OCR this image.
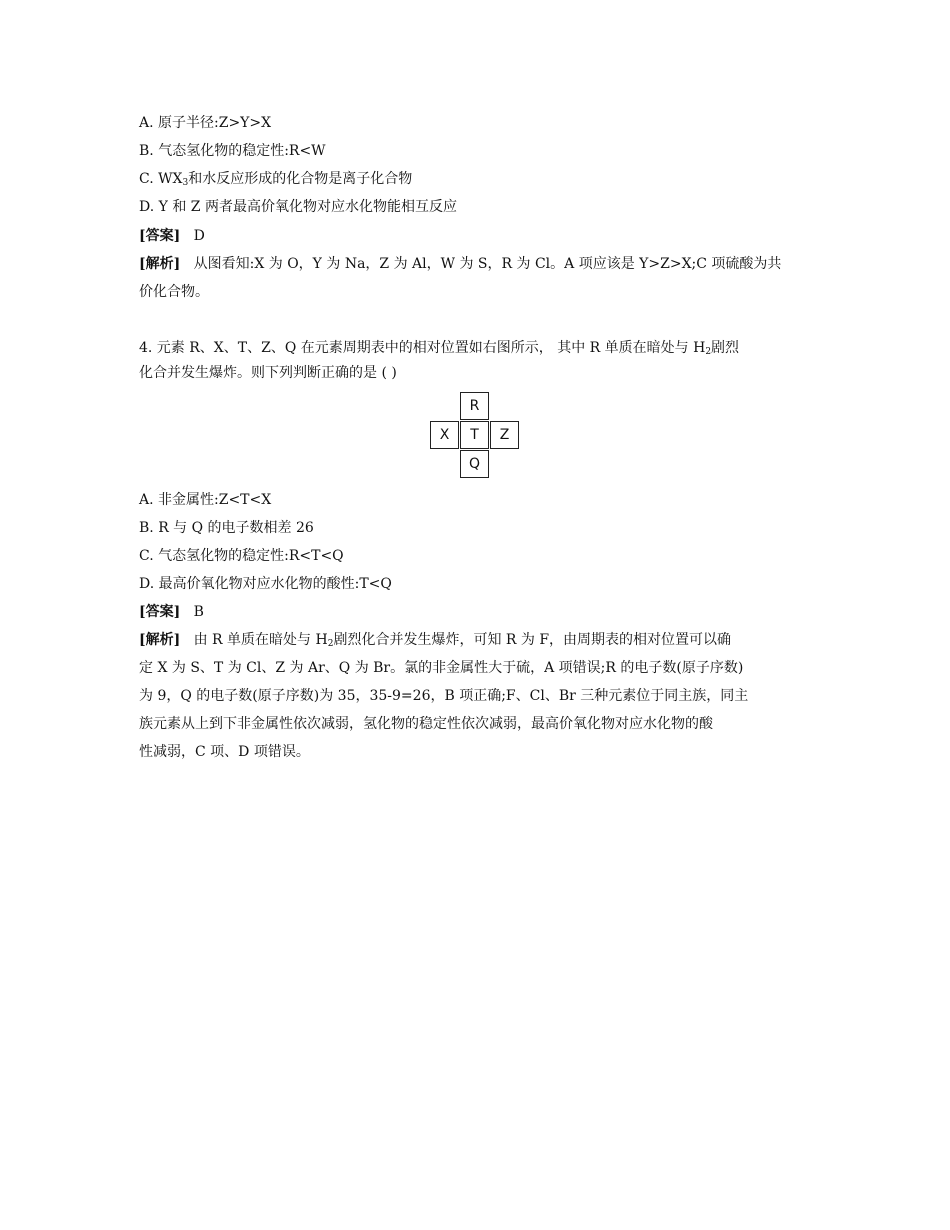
A. 原子半径:Z>Y>X
B. 气态氢化物的稳定性:R<W
C. $WX_3$和水反应形成的化合物是离子化合物
D. Y 和 Z 两者最高价氧化物对应水化物能相互反应
[答案] D
[解析] 从图看知:X 为 O，Y 为 Na，Z 为 Al，W 为 S，R 为 Cl。A 项应该是 Y>Z>X;C 项硫酸为共
价化合物。
4. 元素 R、X、T、Z、Q 在元素周期表中的相对位置如右图所示， 其中 R 单质在暗处与 $H_2$剧烈
化合并发生爆炸。则下列判断正确的是 ( )
R
X	T	Z
Q
A. 非金属性:Z<T<X
B. R 与 Q 的电子数相差 26
C. 气态氢化物的稳定性:R<T<Q
D. 最高价氧化物对应水化物的酸性:T<Q
[答案] B
[解析] 由 R 单质在暗处与 $H_2$剧烈化合并发生爆炸，可知 R 为 F，由周期表的相对位置可以确
定 X 为 S、T 为 Cl、Z 为 Ar、Q 为 Br。氯的非金属性大于硫，A 项错误;R 的电子数(原子序数)
为 9，Q 的电子数(原子序数)为 35，35-9=26，B 项正确;F、Cl、Br 三种元素位于同主族，同主
族元素从上到下非金属性依次减弱，氢化物的稳定性依次减弱，最高价氧化物对应水化物的酸
性减弱，C 项、D 项错误。
